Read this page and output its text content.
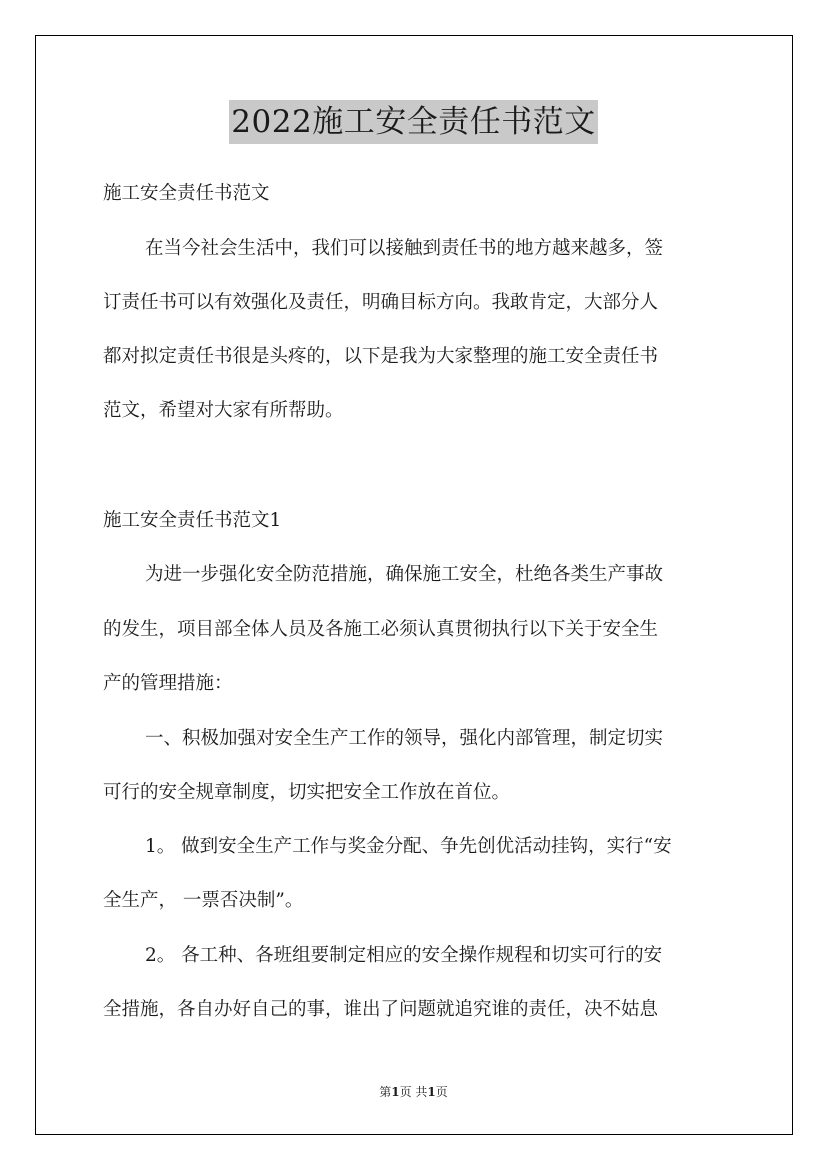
2022施工安全责任书范文
施工安全责任书范文
在当今社会生活中，我们可以接触到责任书的地方越来越多，签
订责任书可以有效强化及责任，明确目标方向。我敢肯定，大部分人
都对拟定责任书很是头疼的，以下是我为大家整理的施工安全责任书
范文，希望对大家有所帮助。
施工安全责任书范文1
为进一步强化安全防范措施，确保施工安全，杜绝各类生产事故
的发生，项目部全体人员及各施工必须认真贯彻执行以下关于安全生
产的管理措施：
一、积极加强对安全生产工作的领导，强化内部管理，制定切实
可行的安全规章制度，切实把安全工作放在首位。
1。 做到安全生产工作与奖金分配、争先创优活动挂钩，实行“安
全生产， 一票否决制”。
2。 各工种、各班组要制定相应的安全操作规程和切实可行的安
全措施，各自办好自己的事，谁出了问题就追究谁的责任，决不姑息
第1页 共1页
